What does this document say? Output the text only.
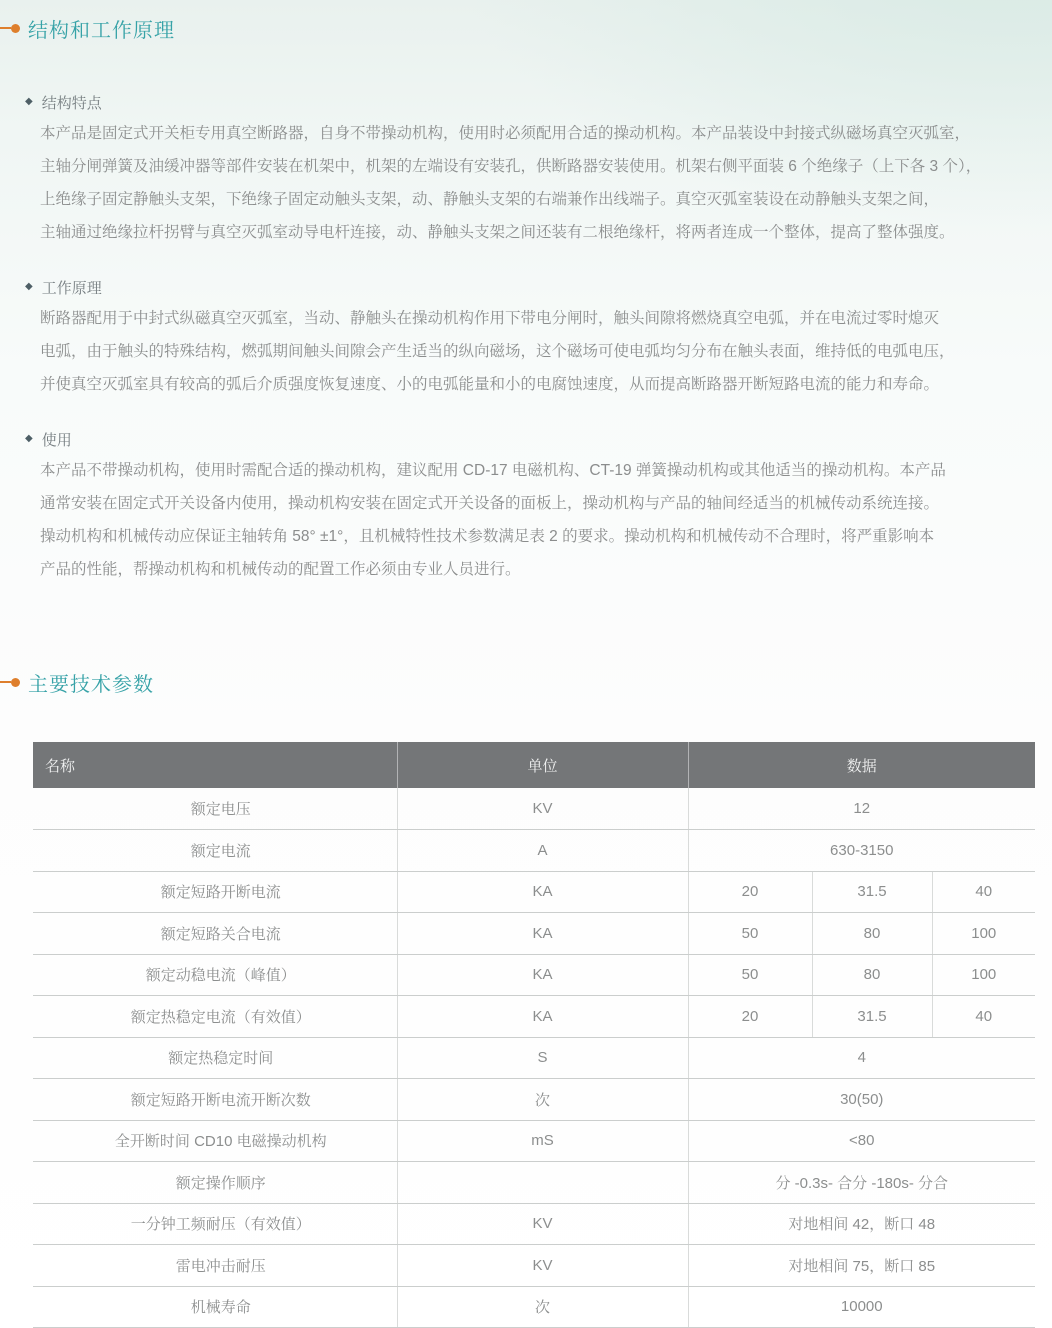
结构和工作原理
◆ 结构特点
本产品是固定式开关柜专用真空断路器，自身不带操动机构，使用时必须配用合适的操动机构。本产品装设中封接式纵磁场真空灭弧室，
主轴分闸弹簧及油缓冲器等部件安装在机架中，机架的左端设有安装孔，供断路器安装使用。机架右侧平面装 6 个绝缘子（上下各 3 个），
上绝缘子固定静触头支架，下绝缘子固定动触头支架，动、静触头支架的右端兼作出线端子。真空灭弧室装设在动静触头支架之间，
主轴通过绝缘拉杆拐臂与真空灭弧室动导电杆连接，动、静触头支架之间还装有二根绝缘杆，将两者连成一个整体，提高了整体强度。
◆ 工作原理
断路器配用于中封式纵磁真空灭弧室，当动、静触头在操动机构作用下带电分闸时，触头间隙将燃烧真空电弧，并在电流过零时熄灭
电弧，由于触头的特殊结构，燃弧期间触头间隙会产生适当的纵向磁场，这个磁场可使电弧均匀分布在触头表面，维持低的电弧电压，
并使真空灭弧室具有较高的弧后介质强度恢复速度、小的电弧能量和小的电腐蚀速度，从而提高断路器开断短路电流的能力和寿命。
◆ 使用
本产品不带操动机构，使用时需配合适的操动机构，建议配用 CD-17 电磁机构、CT-19 弹簧操动机构或其他适当的操动机构。本产品
通常安装在固定式开关设备内使用，操动机构安装在固定式开关设备的面板上，操动机构与产品的轴间经适当的机械传动系统连接。
操动机构和机械传动应保证主轴转角 58° ±1°，且机械特性技术参数满足表 2 的要求。操动机构和机械传动不合理时，将严重影响本
产品的性能，帮操动机构和机械传动的配置工作必须由专业人员进行。
主要技术参数
名称	单位	数据		
额定电压	KV	12		
额定电流	A	630-3150		
额定短路开断电流	KA	20	31.5	40
额定短路关合电流	KA	50	80	100
额定动稳电流（峰值）	KA	50	80	100
额定热稳定电流（有效值）	KA	20	31.5	40
额定热稳定时间	S	4		
额定短路开断电流开断次数	次	30(50)		
全开断时间 CD10 电磁操动机构	mS	<80		
额定操作顺序		分 -0.3s- 合分 -180s- 分合		
一分钟工频耐压（有效值）	KV	对地相间 42，断口 48		
雷电冲击耐压	KV	对地相间 75，断口 85		
机械寿命	次	10000		
